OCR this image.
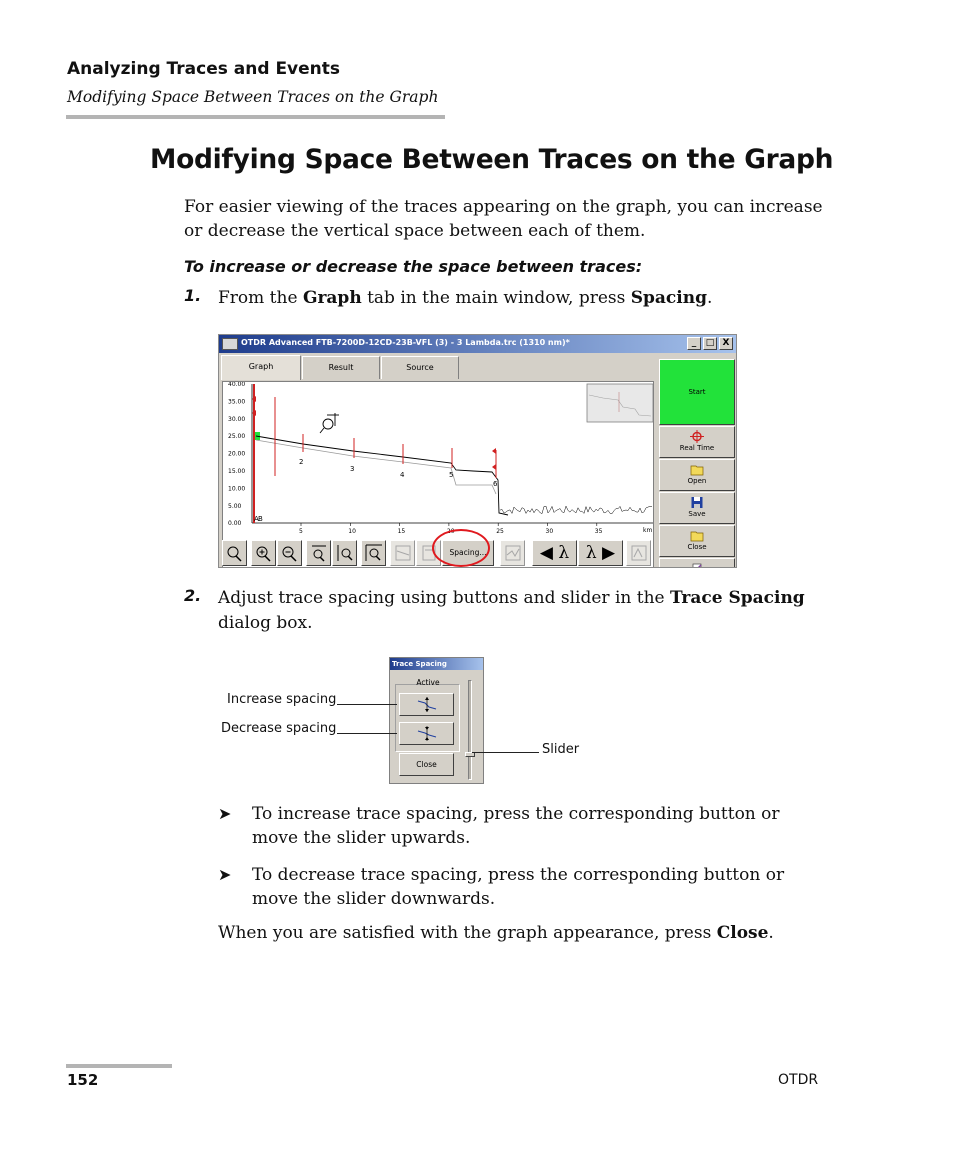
Analyzing Traces and Events
Modifying Space Between Traces on the Graph
Modifying Space Between Traces on the Graph
For easier viewing of the traces appearing on the graph, you can increase or decrease the vertical space between each of them.
To increase or decrease the space between traces:
1. From the Graph tab in the main window, press Spacing.
OTDR Advanced FTB-7200D-12CD-23B-VFL (3) - 3 Lambda.trc (1310 nm)*	_	□ X
Graph	Result	Source
40.00
35.00
30.00
25.00
20.00
15.00
10.00
5.00
0.00
5	10	15	20	25	30	35	km
A B
2
3
4	5
6
Start
Real Time
Open
Save
Close
Spacing...	◀ λ λ ▶
2. Adjust trace spacing using buttons and slider in the Trace Spacing dialog box.
Trace Spacing
Active
Close
Increase spacing
Decrease spacing
Slider
➤ To increase trace spacing, press the corresponding button or move the slider upwards.
➤ To decrease trace spacing, press the corresponding button or move the slider downwards.
When you are satisfied with the graph appearance, press Close.
152	OTDR
